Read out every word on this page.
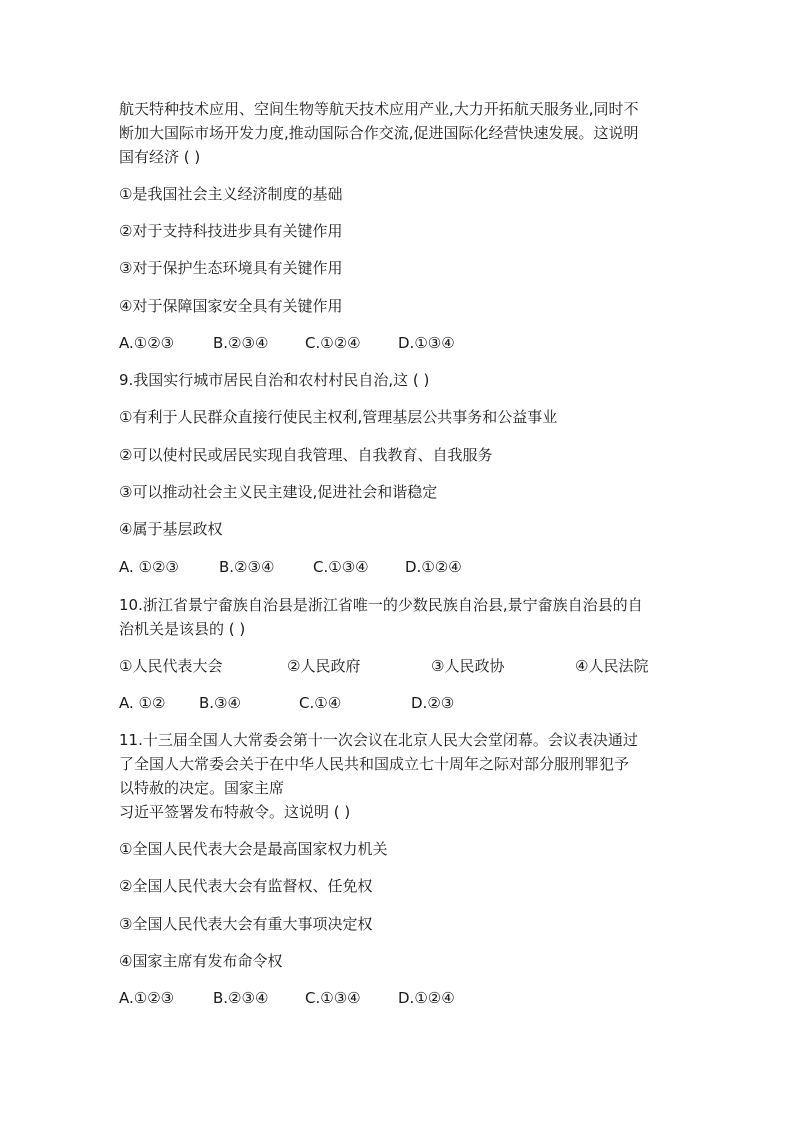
航天特种技术应用、空间生物等航天技术应用产业,大力开拓航天服务业,同时不
断加大国际市场开发力度,推动国际合作交流,促进国际化经营快速发展。这说明
国有经济 ( )
①是我国社会主义经济制度的基础
②对于支持科技进步具有关键作用
③对于保护生态环境具有关键作用
④对于保障国家安全具有关键作用
A.①②③	B.②③④ C.①②④ D.①③④
9.我国实行城市居民自治和农村村民自治,这 ( )
①有利于人民群众直接行使民主权利,管理基层公共事务和公益事业
②可以使村民或居民实现自我管理、自我教育、自我服务
③可以推动社会主义民主建设,促进社会和谐稳定
④属于基层政权
A. ①②③	B.②③④	C.①③④ D.①②④
10.浙江省景宁畲族自治县是浙江省唯一的少数民族自治县,景宁畲族自治县的自
治机关是该县的 ( )
①人民代表大会	②人民政府	③人民政协	④人民法院
A. ①② B.③④	C.①④	D.②③
11.十三届全国人大常委会第十一次会议在北京人民大会堂闭幕。会议表决通过
了全国人大常委会关于在中华人民共和国成立七十周年之际对部分服刑罪犯予
以特赦的决定。国家主席
习近平签署发布特赦令。这说明 ( )
①全国人民代表大会是最高国家权力机关
②全国人民代表大会有监督权、任免权
③全国人民代表大会有重大事项决定权
④国家主席有发布命令权
A.①②③	B.②③④ C.①③④ D.①②④
